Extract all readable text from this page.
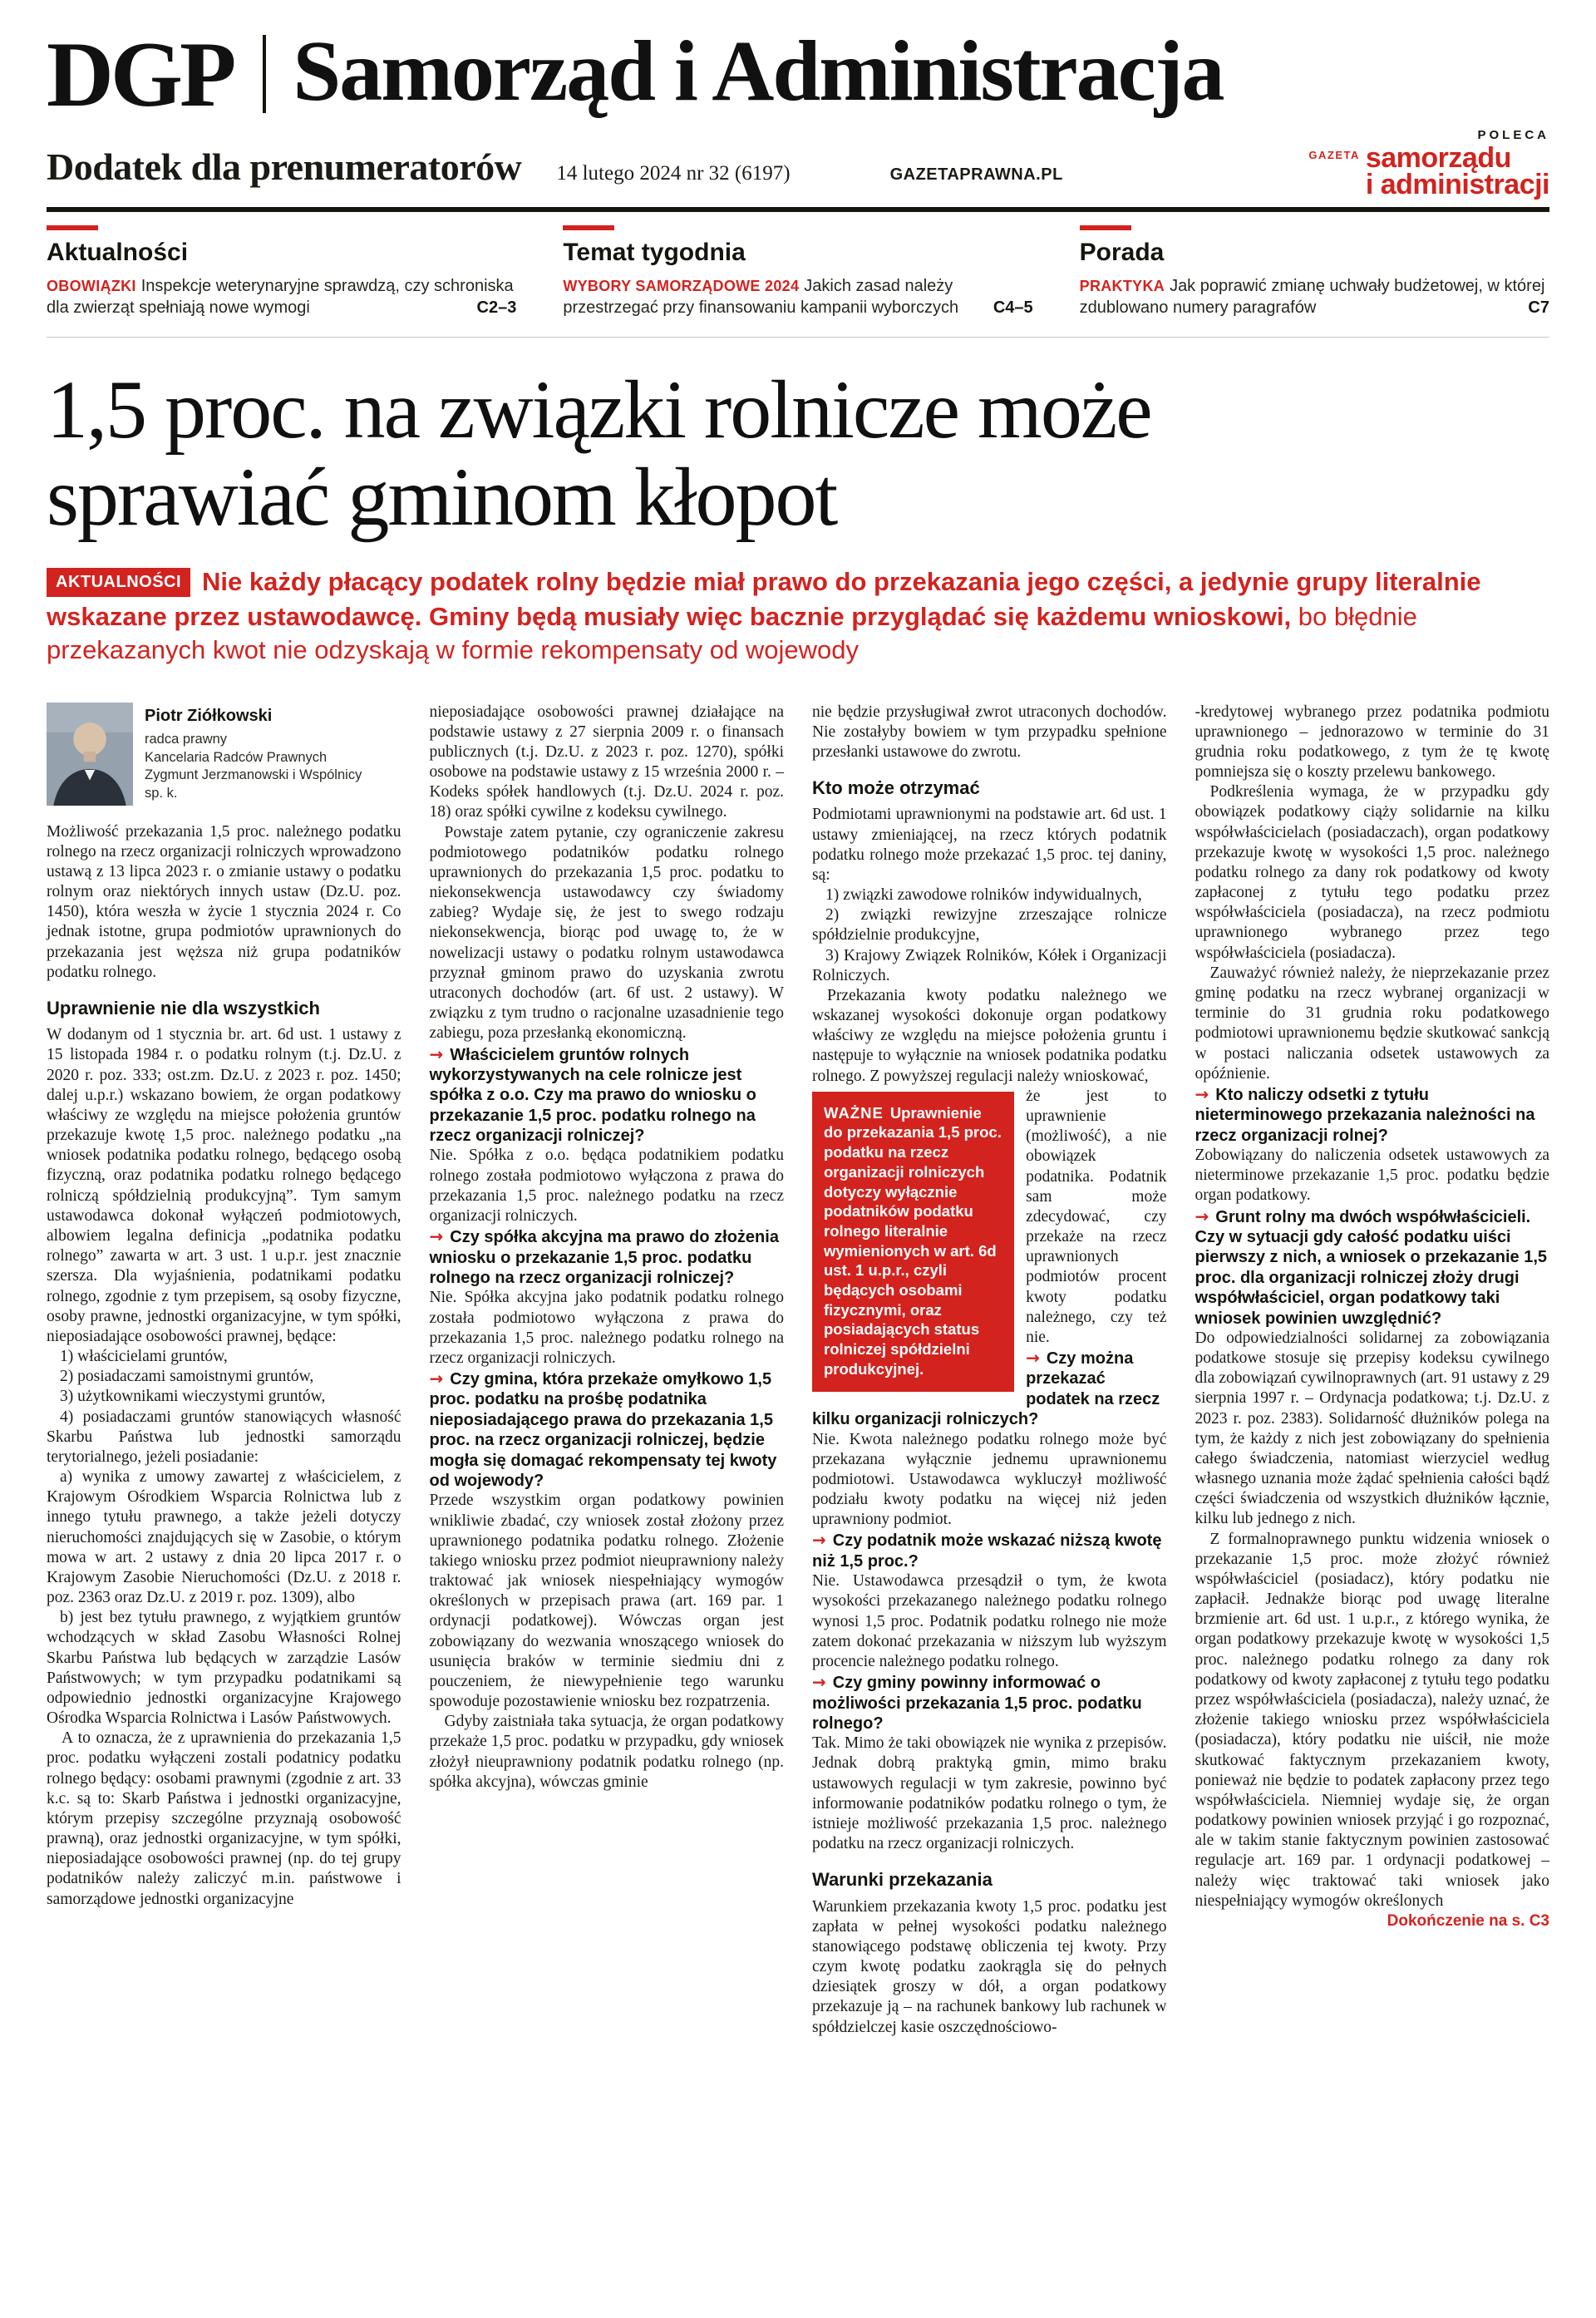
DGP Samorząd i Administracja
Dodatek dla prenumeratorów 14 lutego 2024 nr 32 (6197)	GAZETAPRAWNA.PL
POLECA
GAZETA samorządu
i administracji
Aktualności

OBOWIĄZKI Inspekcje weterynaryjne sprawdzą, czy schroniska dla zwierząt spełniają nowe wymogi	C2–3

Temat tygodnia

WYBORY SAMORZĄDOWE 2024 Jakich zasad należy przestrzegać przy finansowaniu kampanii wyborczych	C4–5

Porada

PRAKTYKA Jak poprawić zmianę uchwały budżetowej, w której zdublowano numery paragrafów	C7

1,5 proc. na związki rolnicze może sprawiać gminom kłopot

AKTUALNOŚCI Nie każdy płacący podatek rolny będzie miał prawo do przekazania jego części, a jedynie grupy literalnie wskazane przez ustawodawcę. Gminy będą musiały więc bacznie przyglądać się każdemu wnioskowi, bo błędnie przekazanych kwot nie odzyskają w formie rekompensaty od wojewody

Piotr Ziółkowski
radca prawny
Kancelaria Radców Prawnych
Zygmunt Jerzmanowski i Wspólnicy
sp. k.

Możliwość przekazania 1,5 proc. należnego podatku rolnego na rzecz organizacji rolniczych wprowadzono ustawą z 13 lipca 2023 r. o zmianie ustawy o podatku rolnym oraz niektórych innych ustaw (Dz.U. poz. 1450), która weszła w życie 1 stycznia 2024 r. Co jednak istotne, grupa podmiotów uprawnionych do przekazania jest węższa niż grupa podatników podatku rolnego.

Uprawnienie nie dla wszystkich

W dodanym od 1 stycznia br. art. 6d ust. 1 ustawy z 15 listopada 1984 r. o podatku rolnym (t.j. Dz.U. z 2020 r. poz. 333; ost.zm. Dz.U. z 2023 r. poz. 1450; dalej u.p.r.) wskazano bowiem, że organ podatkowy właściwy ze względu na miejsce położenia gruntów przekazuje kwotę 1,5 proc. należnego podatku „na wniosek podatnika podatku rolnego, będącego osobą fizyczną, oraz podatnika podatku rolnego będącego rolniczą spółdzielnią produkcyjną”. Tym samym ustawodawca dokonał wyłączeń podmiotowych, albowiem legalna definicja „podatnika podatku rolnego” zawarta w art. 3 ust. 1 u.p.r. jest znacznie szersza. Dla wyjaśnienia, podatnikami podatku rolnego, zgodnie z tym przepisem, są osoby fizyczne, osoby prawne, jednostki organizacyjne, w tym spółki, nieposiadające osobowości prawnej, będące:

1) właścicielami gruntów,

2) posiadaczami samoistnymi gruntów,

3) użytkownikami wieczystymi gruntów,

4) posiadaczami gruntów stanowiących własność Skarbu Państwa lub jednostki samorządu terytorialnego, jeżeli posiadanie:

a) wynika z umowy zawartej z właścicielem, z Krajowym Ośrodkiem Wsparcia Rolnictwa lub z innego tytułu prawnego, a także jeżeli dotyczy nieruchomości znajdujących się w Zasobie, o którym mowa w art. 2 ustawy z dnia 20 lipca 2017 r. o Krajowym Zasobie Nieruchomości (Dz.U. z 2018 r. poz. 2363 oraz Dz.U. z 2019 r. poz. 1309), albo

b) jest bez tytułu prawnego, z wyjątkiem gruntów wchodzących w skład Zasobu Własności Rolnej Skarbu Państwa lub będących w zarządzie Lasów Państwowych; w tym przypadku podatnikami są odpowiednio jednostki organizacyjne Krajowego Ośrodka Wsparcia Rolnictwa i Lasów Państwowych.

A to oznacza, że z uprawnienia do przekazania 1,5 proc. podatku wyłączeni zostali podatnicy podatku rolnego będący: osobami prawnymi (zgodnie z art. 33 k.c. są to: Skarb Państwa i jednostki organizacyjne, którym przepisy szczególne przyznają osobowość prawną), oraz jednostki organizacyjne, w tym spółki, nieposiadające osobowości prawnej (np. do tej grupy podatników należy zaliczyć m.in. państwowe i samorządowe jednostki organizacyjne

nieposiadające osobowości prawnej działające na podstawie ustawy z 27 sierpnia 2009 r. o finansach publicznych (t.j. Dz.U. z 2023 r. poz. 1270), spółki osobowe na podstawie ustawy z 15 września 2000 r. – Kodeks spółek handlowych (t.j. Dz.U. 2024 r. poz. 18) oraz spółki cywilne z kodeksu cywilnego.

Powstaje zatem pytanie, czy ograniczenie zakresu podmiotowego podatników podatku rolnego uprawnionych do przekazania 1,5 proc. podatku to niekonsekwencja ustawodawcy czy świadomy zabieg? Wydaje się, że jest to swego rodzaju niekonsekwencja, biorąc pod uwagę to, że w nowelizacji ustawy o podatku rolnym ustawodawca przyznał gminom prawo do uzyskania zwrotu utraconych dochodów (art. 6f ust. 2 ustawy). W związku z tym trudno o racjonalne uzasadnienie tego zabiegu, poza przesłanką ekonomiczną.

→ Właścicielem gruntów rolnych wykorzystywanych na cele rolnicze jest spółka z o.o. Czy ma prawo do wniosku o przekazanie 1,5 proc. podatku rolnego na rzecz organizacji rolniczej?

Nie. Spółka z o.o. będąca podatnikiem podatku rolnego została podmiotowo wyłączona z prawa do przekazania 1,5 proc. należnego podatku na rzecz organizacji rolniczych.

→ Czy spółka akcyjna ma prawo do złożenia wniosku o przekazanie 1,5 proc. podatku rolnego na rzecz organizacji rolniczej?

Nie. Spółka akcyjna jako podatnik podatku rolnego została podmiotowo wyłączona z prawa do przekazania 1,5 proc. należnego podatku rolnego na rzecz organizacji rolniczych.

→ Czy gmina, która przekaże omyłkowo 1,5 proc. podatku na prośbę podatnika nieposiadającego prawa do przekazania 1,5 proc. na rzecz organizacji rolniczej, będzie mogła się domagać rekompensaty tej kwoty od wojewody?

Przede wszystkim organ podatkowy powinien wnikliwie zbadać, czy wniosek został złożony przez uprawnionego podatnika podatku rolnego. Złożenie takiego wniosku przez podmiot nieuprawniony należy traktować jak wniosek niespełniający wymogów określonych w przepisach prawa (art. 169 par. 1 ordynacji podatkowej). Wówczas organ jest zobowiązany do wezwania wnoszącego wniosek do usunięcia braków w terminie siedmiu dni z pouczeniem, że niewypełnienie tego warunku spowoduje pozostawienie wniosku bez rozpatrzenia.

Gdyby zaistniała taka sytuacja, że organ podatkowy przekaże 1,5 proc. podatku w przypadku, gdy wniosek złożył nieuprawniony podatnik podatku rolnego (np. spółka akcyjna), wówczas gminie

nie będzie przysługiwał zwrot utraconych dochodów. Nie zostałyby bowiem w tym przypadku spełnione przesłanki ustawowe do zwrotu.

Kto może otrzymać

Podmiotami uprawnionymi na podstawie art. 6d ust. 1 ustawy zmieniającej, na rzecz których podatnik podatku rolnego może przekazać 1,5 proc. tej daniny, są:

1) związki zawodowe rolników indywidualnych,

2) związki rewizyjne zrzeszające rolnicze spółdzielnie produkcyjne,

3) Krajowy Związek Rolników, Kółek i Organizacji Rolniczych.

Przekazania kwoty podatku należnego we wskazanej wysokości dokonuje organ podatkowy właściwy ze względu na miejsce położenia gruntu i następuje to wyłącznie na wniosek podatnika podatku rolnego. Z powyższej regulacji należy wnioskować,

WAŻNE Uprawnienie do przekazania 1,5 proc. podatku na rzecz organizacji rolniczych dotyczy wyłącznie podatników podatku rolnego literalnie wymienionych w art. 6d ust. 1 u.p.r., czyli będących osobami fizycznymi, oraz posiadających status rolniczej spółdzielni produkcyjnej.

że jest to uprawnienie (możliwość), a nie obowiązek podatnika. Podatnik sam może zdecydować, czy przekaże na rzecz uprawnionych podmiotów procent kwoty podatku należnego, czy też nie.

→ Czy można przekazać podatek na rzecz kilku organizacji rolniczych?

Nie. Kwota należnego podatku rolnego może być przekazana wyłącznie jednemu uprawnionemu podmiotowi. Ustawodawca wykluczył możliwość podziału kwoty podatku na więcej niż jeden uprawniony podmiot.

→ Czy podatnik może wskazać niższą kwotę niż 1,5 proc.?

Nie. Ustawodawca przesądził o tym, że kwota wysokości przekazanego należnego podatku rolnego wynosi 1,5 proc. Podatnik podatku rolnego nie może zatem dokonać przekazania w niższym lub wyższym procencie należnego podatku rolnego.

→ Czy gminy powinny informować o możliwości przekazania 1,5 proc. podatku rolnego?

Tak. Mimo że taki obowiązek nie wynika z przepisów. Jednak dobrą praktyką gmin, mimo braku ustawowych regulacji w tym zakresie, powinno być informowanie podatników podatku rolnego o tym, że istnieje możliwość przekazania 1,5 proc. należnego podatku na rzecz organizacji rolniczych.

Warunki przekazania

Warunkiem przekazania kwoty 1,5 proc. podatku jest zapłata w pełnej wysokości podatku należnego stanowiącego podstawę obliczenia tej kwoty. Przy czym kwotę podatku zaokrągla się do pełnych dziesiątek groszy w dół, a organ podatkowy przekazuje ją – na rachunek bankowy lub rachunek w spółdzielczej kasie oszczędnościowo-

-kredytowej wybranego przez podatnika podmiotu uprawnionego – jednorazowo w terminie do 31 grudnia roku podatkowego, z tym że tę kwotę pomniejsza się o koszty przelewu bankowego.

Podkreślenia wymaga, że w przypadku gdy obowiązek podatkowy ciąży solidarnie na kilku współwłaścicielach (posiadaczach), organ podatkowy przekazuje kwotę w wysokości 1,5 proc. należnego podatku rolnego za dany rok podatkowy od kwoty zapłaconej z tytułu tego podatku przez współwłaściciela (posiadacza), na rzecz podmiotu uprawnionego wybranego przez tego współwłaściciela (posiadacza).

Zauważyć również należy, że nieprzekazanie przez gminę podatku na rzecz wybranej organizacji w terminie do 31 grudnia roku podatkowego podmiotowi uprawnionemu będzie skutkować sankcją w postaci naliczania odsetek ustawowych za opóźnienie.

→ Kto naliczy odsetki z tytułu nieterminowego przekazania należności na rzecz organizacji rolnej?

Zobowiązany do naliczenia odsetek ustawowych za nieterminowe przekazanie 1,5 proc. podatku będzie organ podatkowy.

→ Grunt rolny ma dwóch współwłaścicieli. Czy w sytuacji gdy całość podatku uiści pierwszy z nich, a wniosek o przekazanie 1,5 proc. dla organizacji rolniczej złoży drugi współwłaściciel, organ podatkowy taki wniosek powinien uwzględnić?

Do odpowiedzialności solidarnej za zobowiązania podatkowe stosuje się przepisy kodeksu cywilnego dla zobowiązań cywilnoprawnych (art. 91 ustawy z 29 sierpnia 1997 r. – Ordynacja podatkowa; t.j. Dz.U. z 2023 r. poz. 2383). Solidarność dłużników polega na tym, że każdy z nich jest zobowiązany do spełnienia całego świadczenia, natomiast wierzyciel według własnego uznania może żądać spełnienia całości bądź części świadczenia od wszystkich dłużników łącznie, kilku lub jednego z nich.

Z formalnoprawnego punktu widzenia wniosek o przekazanie 1,5 proc. może złożyć również współwłaściciel (posiadacz), który podatku nie zapłacił. Jednakże biorąc pod uwagę literalne brzmienie art. 6d ust. 1 u.p.r., z którego wynika, że organ podatkowy przekazuje kwotę w wysokości 1,5 proc. należnego podatku rolnego za dany rok podatkowy od kwoty zapłaconej z tytułu tego podatku przez współwłaściciela (posiadacza), należy uznać, że złożenie takiego wniosku przez współwłaściciela (posiadacza), który podatku nie uiścił, nie może skutkować faktycznym przekazaniem kwoty, ponieważ nie będzie to podatek zapłacony przez tego współwłaściciela. Niemniej wydaje się, że organ podatkowy powinien wniosek przyjąć i go rozpoznać, ale w takim stanie faktycznym powinien zastosować regulacje art. 169 par. 1 ordynacji podatkowej – należy więc traktować taki wniosek jako niespełniający wymogów określonych

Dokończenie na s. C3
